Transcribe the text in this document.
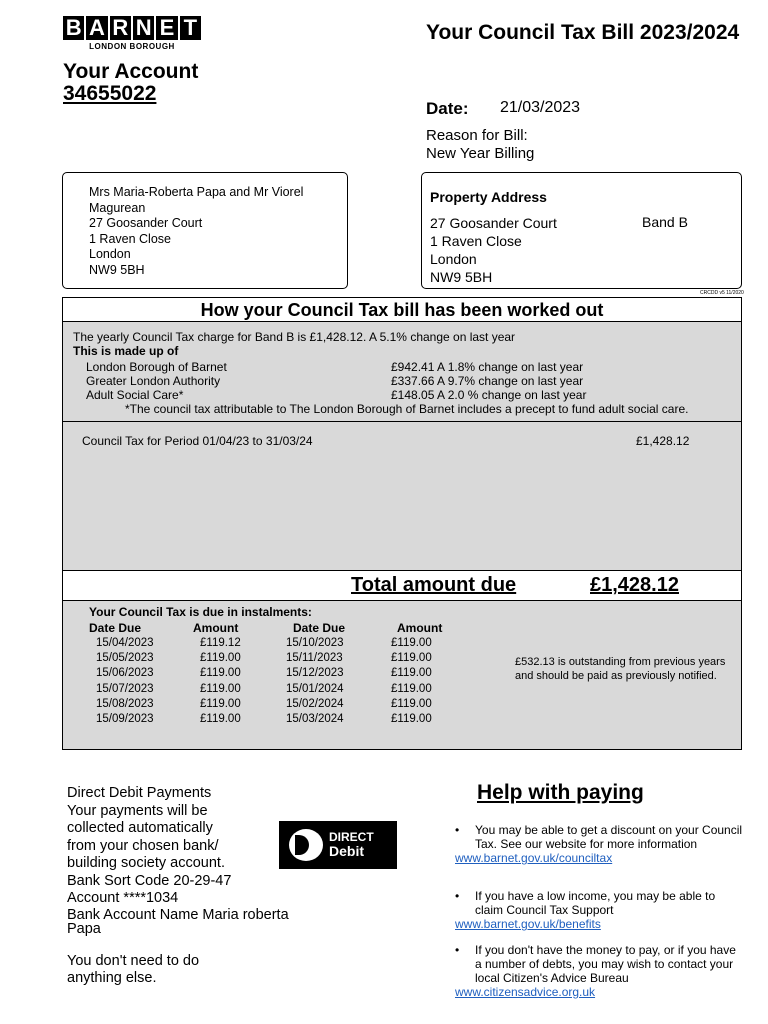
B A R N E T
LONDON BOROUGH
Your Account
34655022
Your Council Tax Bill 2023/2024
Date: 21/03/2023
Reason for Bill:
New Year Billing
Mrs Maria-Roberta Papa and Mr Viorel Magurean
27 Goosander Court
1 Raven Close
London
NW9 5BH
Property Address
27 Goosander Court
1 Raven Close
London
NW9 5BH
Band B
CRCDD v5 11/2020
How your Council Tax bill has been worked out
The yearly Council Tax charge for Band B is £1,428.12. A 5.1% change on last year
This is made up of
London Borough of Barnet	£942.41 A 1.8% change on last year
Greater London Authority	£337.66 A 9.7% change on last year
Adult Social Care*	£148.05 A 2.0 % change on last year
*The council tax attributable to The London Borough of Barnet includes a precept to fund adult social care.
Council Tax for Period 01/04/23 to 31/03/24	£1,428.12
Total amount due	£1,428.12
Your Council Tax is due in instalments:
Date Due	Amount	Date Due	Amount
15/04/2023	£119.12	15/10/2023	£119.00
15/05/2023	£119.00	15/11/2023	£119.00
15/06/2023	£119.00	15/12/2023	£119.00
15/07/2023	£119.00	15/01/2024	£119.00
15/08/2023	£119.00	15/02/2024	£119.00
15/09/2023	£119.00	15/03/2024	£119.00
£532.13 is outstanding from previous years and should be paid as previously notified.
Direct Debit Payments
Your payments will be
collected automatically
from your chosen bank/
building society account.
Bank Sort Code 20-29-47
Account ****1034
Bank Account Name Maria roberta Papa
You don't need to do
anything else.
DIRECT
Debit
Help with paying
• You may be able to get a discount on your Council Tax. See our website for more information
www.barnet.gov.uk/counciltax
• If you have a low income, you may be able to claim Council Tax Support
www.barnet.gov.uk/benefits
• If you don't have the money to pay, or if you have a number of debts, you may wish to contact your local Citizen's Advice Bureau
www.citizensadvice.org.uk
